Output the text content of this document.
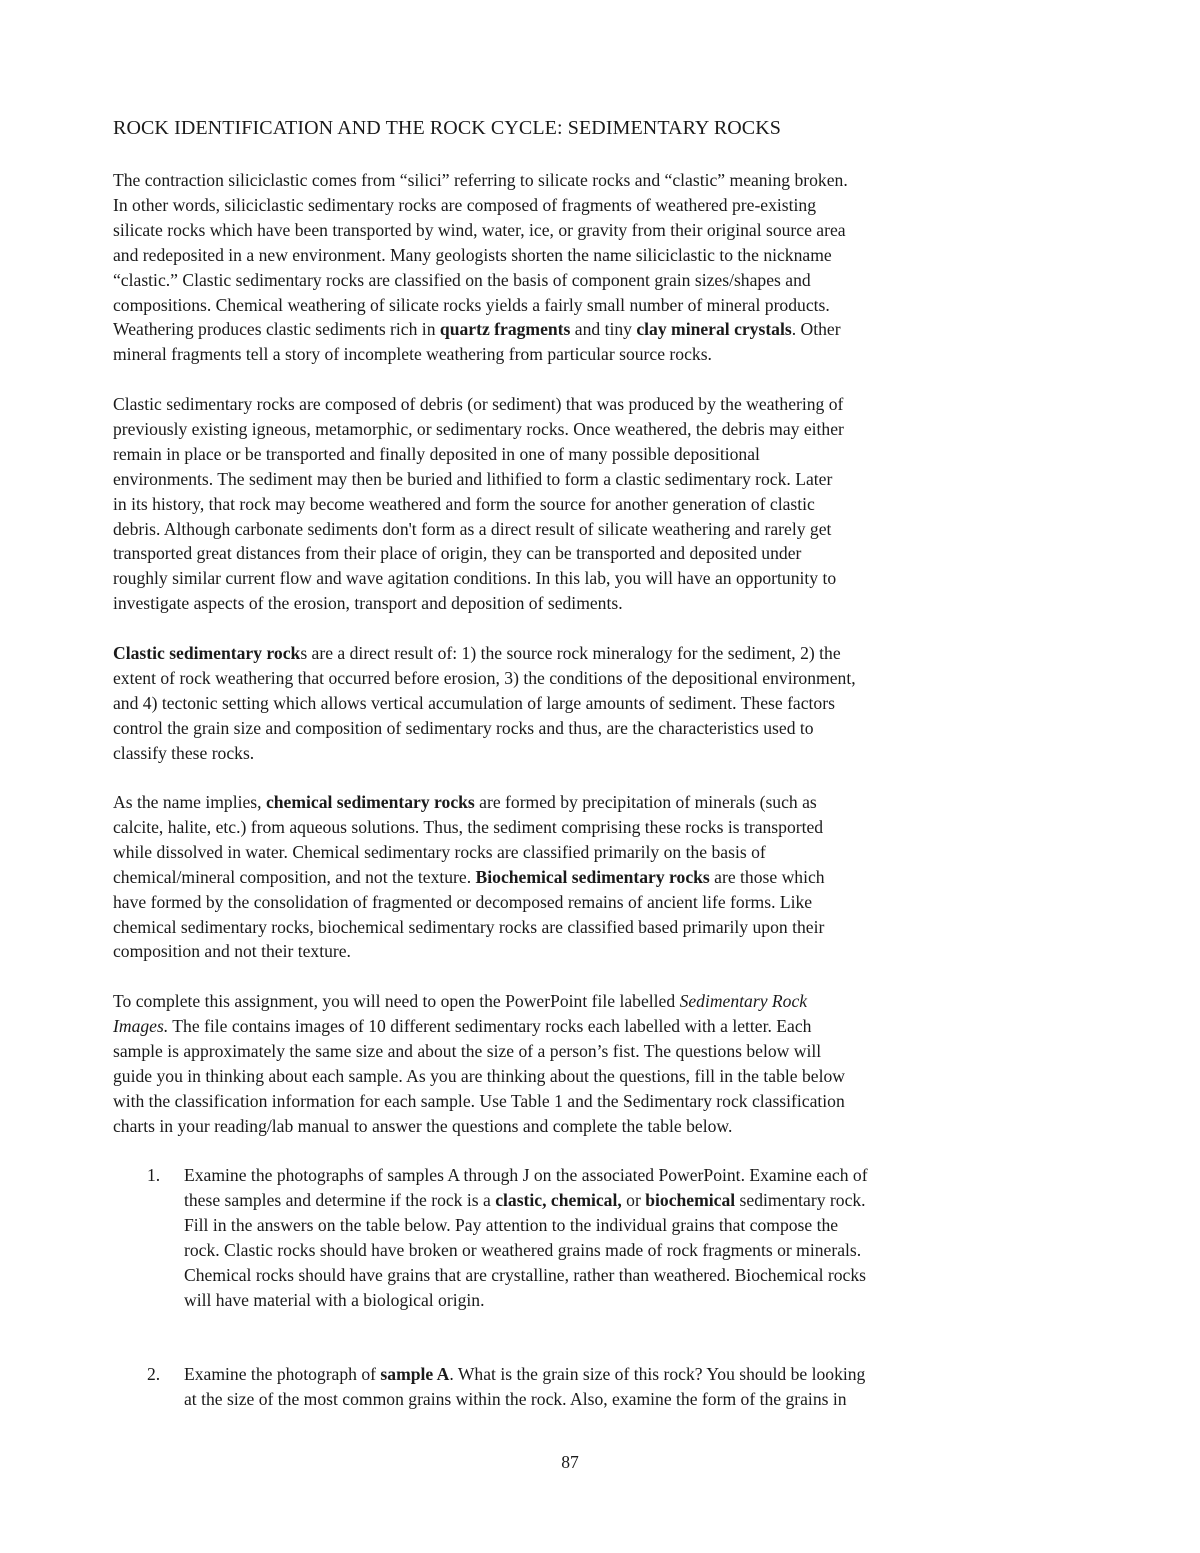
ROCK IDENTIFICATION AND THE ROCK CYCLE: SEDIMENTARY ROCKS
The contraction siliciclastic comes from “silici” referring to silicate rocks and “clastic” meaning broken.
In other words, siliciclastic sedimentary rocks are composed of fragments of weathered pre-existing
silicate rocks which have been transported by wind, water, ice, or gravity from their original source area
and redeposited in a new environment. Many geologists shorten the name siliciclastic to the nickname
“clastic.” Clastic sedimentary rocks are classified on the basis of component grain sizes/shapes and
compositions. Chemical weathering of silicate rocks yields a fairly small number of mineral products.
Weathering produces clastic sediments rich in quartz fragments and tiny clay mineral crystals. Other
mineral fragments tell a story of incomplete weathering from particular source rocks.
Clastic sedimentary rocks are composed of debris (or sediment) that was produced by the weathering of
previously existing igneous, metamorphic, or sedimentary rocks. Once weathered, the debris may either
remain in place or be transported and finally deposited in one of many possible depositional
environments. The sediment may then be buried and lithified to form a clastic sedimentary rock. Later
in its history, that rock may become weathered and form the source for another generation of clastic
debris. Although carbonate sediments don't form as a direct result of silicate weathering and rarely get
transported great distances from their place of origin, they can be transported and deposited under
roughly similar current flow and wave agitation conditions. In this lab, you will have an opportunity to
investigate aspects of the erosion, transport and deposition of sediments.
Clastic sedimentary rocks are a direct result of: 1) the source rock mineralogy for the sediment, 2) the
extent of rock weathering that occurred before erosion, 3) the conditions of the depositional environment,
and 4) tectonic setting which allows vertical accumulation of large amounts of sediment. These factors
control the grain size and composition of sedimentary rocks and thus, are the characteristics used to
classify these rocks.
As the name implies, chemical sedimentary rocks are formed by precipitation of minerals (such as
calcite, halite, etc.) from aqueous solutions. Thus, the sediment comprising these rocks is transported
while dissolved in water. Chemical sedimentary rocks are classified primarily on the basis of
chemical/mineral composition, and not the texture. Biochemical sedimentary rocks are those which
have formed by the consolidation of fragmented or decomposed remains of ancient life forms. Like
chemical sedimentary rocks, biochemical sedimentary rocks are classified based primarily upon their
composition and not their texture.
To complete this assignment, you will need to open the PowerPoint file labelled Sedimentary Rock
Images. The file contains images of 10 different sedimentary rocks each labelled with a letter. Each
sample is approximately the same size and about the size of a person’s fist. The questions below will
guide you in thinking about each sample. As you are thinking about the questions, fill in the table below
with the classification information for each sample. Use Table 1 and the Sedimentary rock classification
charts in your reading/lab manual to answer the questions and complete the table below.
1. Examine the photographs of samples A through J on the associated PowerPoint. Examine each of
these samples and determine if the rock is a clastic, chemical, or biochemical sedimentary rock.
Fill in the answers on the table below. Pay attention to the individual grains that compose the
rock. Clastic rocks should have broken or weathered grains made of rock fragments or minerals.
Chemical rocks should have grains that are crystalline, rather than weathered. Biochemical rocks
will have material with a biological origin.
2. Examine the photograph of sample A. What is the grain size of this rock? You should be looking
at the size of the most common grains within the rock. Also, examine the form of the grains in
87
